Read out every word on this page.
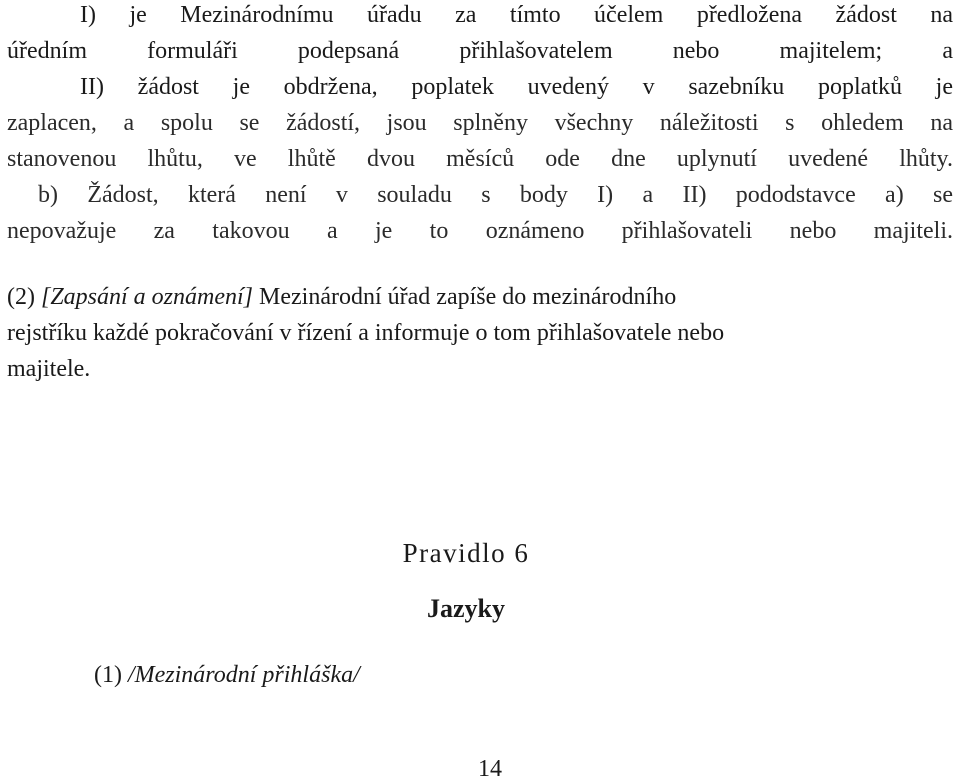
I) je Mezinárodnímu úřadu za tímto účelem předložena žádost na
úředním formuláři podepsaná přihlašovatelem nebo majitelem; a
II) žádost je obdržena, poplatek uvedený v sazebníku poplatků je
zaplacen, a spolu se žádostí, jsou splněny všechny náležitosti s ohledem na
stanovenou lhůtu, ve lhůtě dvou měsíců ode dne uplynutí uvedené lhůty.
b) Žádost, která není v souladu s body I) a II) pododstavce a) se
nepovažuje za takovou a je to oznámeno přihlašovateli nebo majiteli.
(2) [Zapsání a oznámení] Mezinárodní úřad zapíše do mezinárodního
rejstříku každé pokračování v řízení a informuje o tom přihlašovatele nebo
majitele.
Pravidlo 6
Jazyky
(1) /Mezinárodní přihláška/
14
